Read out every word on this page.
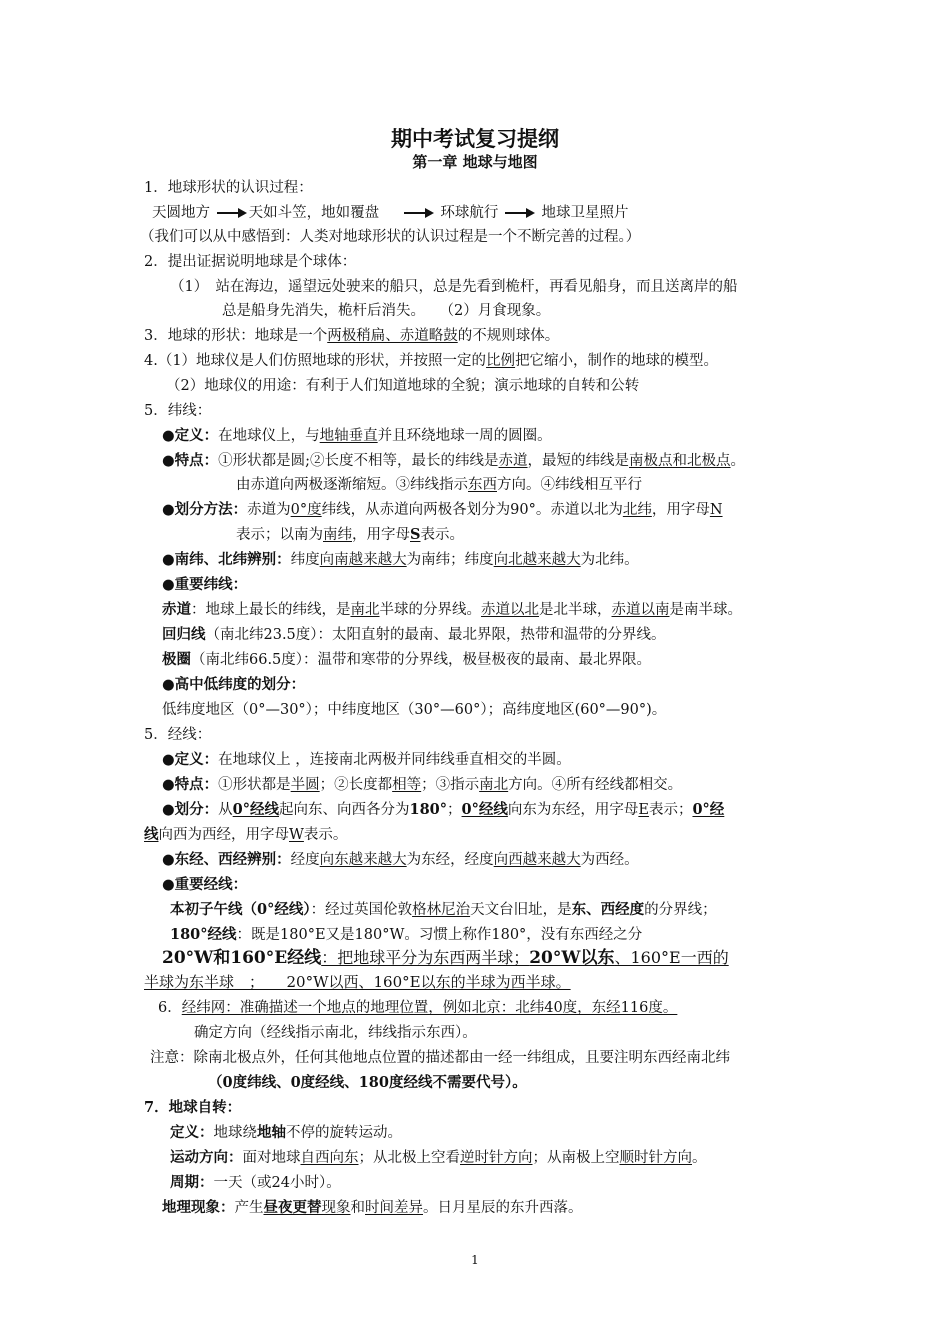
期中考试复习提纲
第一章 地球与地图
1．地球形状的认识过程：
天圆地方	天如斗笠，地如覆盘	环球航行	地球卫星照片
（我们可以从中感悟到：人类对地球形状的认识过程是一个不断完善的过程。）
2．提出证据说明地球是个球体：
（1）　站在海边，遥望远处驶来的船只，总是先看到桅杆，再看见船身，而且送离岸的船
总是船身先消失，桅杆后消失。　　（2）月食现象。
3．地球的形状：地球是一个两极稍扁、赤道略鼓的不规则球体。
4.（1）地球仪是人们仿照地球的形状，并按照一定的比例把它缩小，制作的地球的模型。
（2）地球仪的用途：有利于人们知道地球的全貌；演示地球的自转和公转
5．纬线：
●定义：在地球仪上，与地轴垂直并且环绕地球一周的圆圈。
●特点：①形状都是圆;②长度不相等，最长的纬线是赤道，最短的纬线是南极点和北极点。
由赤道向两极逐渐缩短。③纬线指示东西方向。④纬线相互平行
●划分方法：赤道为0°度纬线，从赤道向两极各划分为90°。赤道以北为北纬，用字母N
表示；以南为南纬，用字母S表示。
●南纬、北纬辨别：纬度向南越来越大为南纬；纬度向北越来越大为北纬。
●重要纬线：
赤道：地球上最长的纬线，是南北半球的分界线。赤道以北是北半球，赤道以南是南半球。
回归线（南北纬23.5度）：太阳直射的最南、最北界限，热带和温带的分界线。
极圈（南北纬66.5度）：温带和寒带的分界线，极昼极夜的最南、最北界限。
●高中低纬度的划分：
低纬度地区（0°—30°）；中纬度地区（30°—60°）；高纬度地区(60°—90°)。
5．经线：
●定义：在地球仪上 ，连接南北两极并同纬线垂直相交的半圆。
●特点：①形状都是半圆；②长度都相等；③指示南北方向。④所有经线都相交。
●划分：从0°经线起向东、向西各分为180°；0°经线向东为东经，用字母E表示；0°经
线向西为西经，用字母W表示。
●东经、西经辨别：经度向东越来越大为东经，经度向西越来越大为西经。
●重要经线：
本初子午线（0°经线）：经过英国伦敦格林尼治天文台旧址，是东、西经度的分界线；
180°经线：既是180°E又是180°W。习惯上称作180°，没有东西经之分
20°W和160°E经线：把地球平分为东西两半球；20°W以东、160°E一西的
半球为东半球　；　　20°W以西、160°E以东的半球为西半球。
6．经纬网：准确描述一个地点的地理位置，例如北京：北纬40度，东经116度。
确定方向（经线指示南北，纬线指示东西）。
注意：除南北极点外，任何其他地点位置的描述都由一经一纬组成，且要注明东西经南北纬
（0度纬线、0度经线、180度经线不需要代号）。
7．地球自转：
定义：地球绕地轴不停的旋转运动。
运动方向：面对地球自西向东；从北极上空看逆时针方向；从南极上空顺时针方向。
周期：一天（或24小时）。
地理现象：产生昼夜更替现象和时间差异。日月星辰的东升西落。
1
